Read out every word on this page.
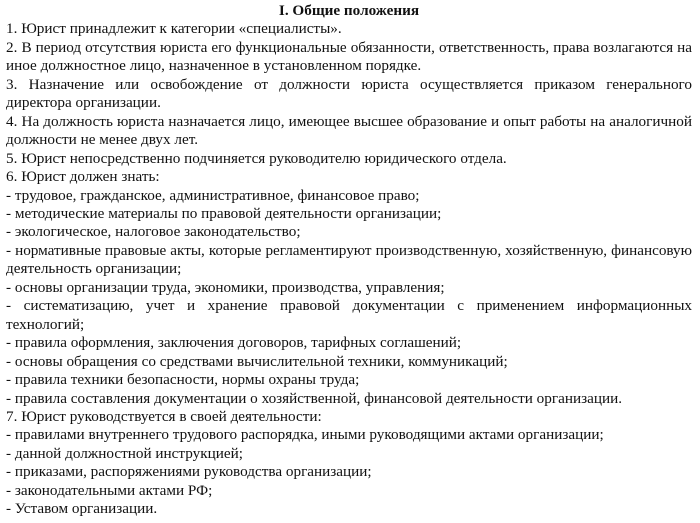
I. Общие положения

1. Юрист принадлежит к категории «специалисты».

2. В период отсутствия юриста его функциональные обязанности, ответственность, права возлагаются на иное должностное лицо, назначенное в установленном порядке.

3. Назначение или освобождение от должности юриста осуществляется приказом генерального директора организации.

4. На должность юриста назначается лицо, имеющее высшее образование и опыт работы на аналогичной должности не менее двух лет.

5. Юрист непосредственно подчиняется руководителю юридического отдела.

6. Юрист должен знать:

- трудовое, гражданское, административное, финансовое право;

- методические материалы по правовой деятельности организации;

- экологическое, налоговое законодательство;

- нормативные правовые акты, которые регламентируют производственную, хозяйственную, финансовую деятельность организации;

- основы организации труда, экономики, производства, управления;

- систематизацию, учет и хранение правовой документации с применением информационных технологий;

- правила оформления, заключения договоров, тарифных соглашений;

- основы обращения со средствами вычислительной техники, коммуникаций;

- правила техники безопасности, нормы охраны труда;

- правила составления документации о хозяйственной, финансовой деятельности организации.

7. Юрист руководствуется в своей деятельности:

- правилами внутреннего трудового распорядка, иными руководящими актами организации;

- данной должностной инструкцией;

- приказами, распоряжениями руководства организации;

- законодательными актами РФ;

- Уставом организации.
